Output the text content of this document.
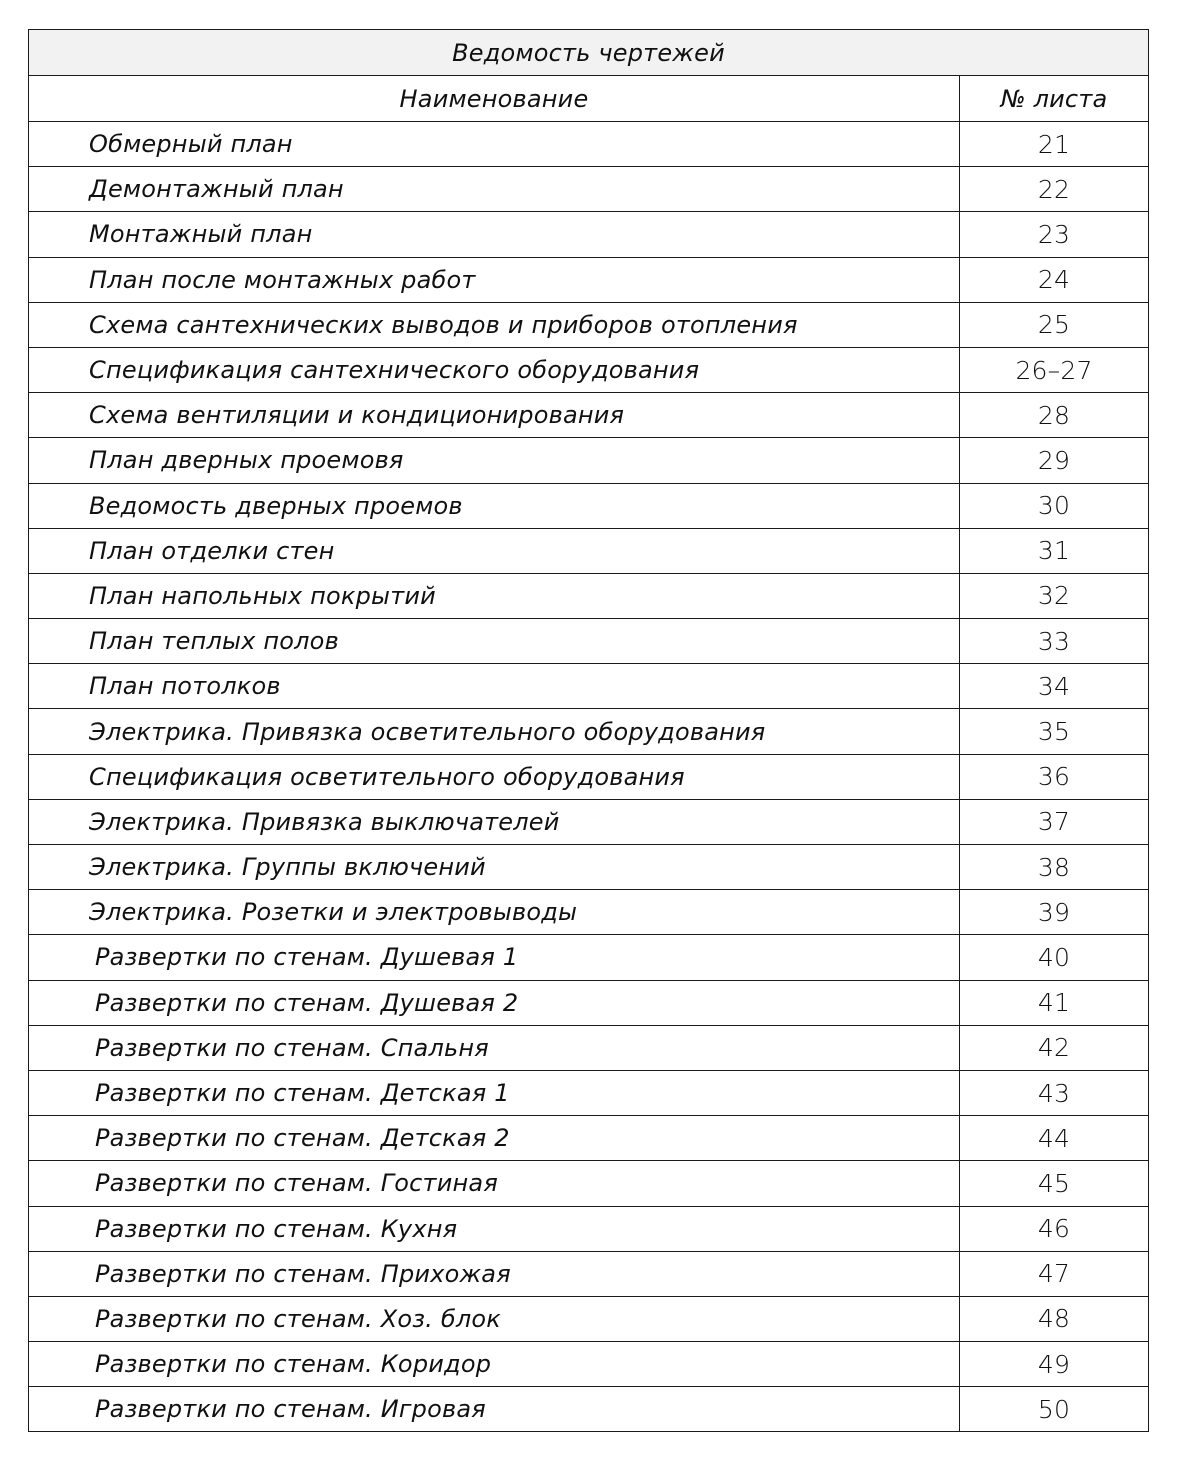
Ведомость чертежей	
Наименование	№ листа
Обмерный план	21
Демонтажный план	22
Монтажный план	23
План после монтажных работ	24
Схема сантехнических выводов и приборов отопления	25
Спецификация сантехнического оборудования	26–27
Схема вентиляции и кондиционирования	28
План дверных проемовя	29
Ведомость дверных проемов	30
План отделки стен	31
План напольных покрытий	32
План теплых полов	33
План потолков	34
Электрика. Привязка осветительного оборудования	35
Спецификация осветительного оборудования	36
Электрика. Привязка выключателей	37
Электрика. Группы включений	38
Электрика. Розетки и электровыводы	39
Развертки по стенам. Душевая 1	40
Развертки по стенам. Душевая 2	41
Развертки по стенам. Спальня	42
Развертки по стенам. Детская 1	43
Развертки по стенам. Детская 2	44
Развертки по стенам. Гостиная	45
Развертки по стенам. Кухня	46
Развертки по стенам. Прихожая	47
Развертки по стенам. Хоз. блок	48
Развертки по стенам. Коридор	49
Развертки по стенам. Игровая	50
